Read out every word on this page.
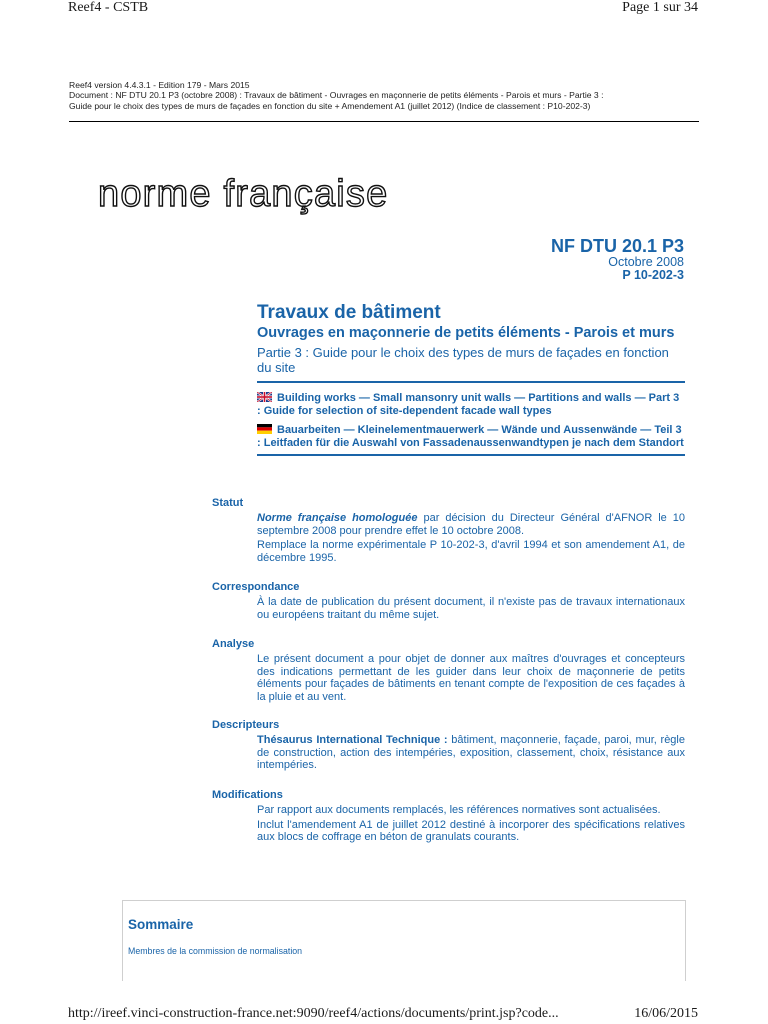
Reef4 - CSTB	Page 1 sur 34
Reef4 version 4.4.3.1 - Edition 179 - Mars 2015
Document : NF DTU 20.1 P3 (octobre 2008) : Travaux de bâtiment - Ouvrages en maçonnerie de petits éléments - Parois et murs - Partie 3 :
Guide pour le choix des types de murs de façades en fonction du site + Amendement A1 (juillet 2012) (Indice de classement : P10-202-3)
norme française
NF DTU 20.1 P3
Octobre 2008
P 10-202-3
Travaux de bâtiment
Ouvrages en maçonnerie de petits éléments - Parois et murs
Partie 3 : Guide pour le choix des types de murs de façades en fonction du site
Building works — Small mansonry unit walls — Partitions and walls — Part 3 : Guide for selection of site-dependent facade wall types
Bauarbeiten — Kleinelementmauerwerk — Wände und Aussenwände — Teil 3 : Leitfaden für die Auswahl von Fassadenaussenwandtypen je nach dem Standort
Statut

Norme française homologuée par décision du Directeur Général d'AFNOR le 10 septembre 2008 pour prendre effet le 10 octobre 2008.

Remplace la norme expérimentale P 10-202-3, d'avril 1994 et son amendement A1, de décembre 1995.

Correspondance

À la date de publication du présent document, il n'existe pas de travaux internationaux ou européens traitant du même sujet.

Analyse

Le présent document a pour objet de donner aux maîtres d'ouvrages et concepteurs des indications permettant de les guider dans leur choix de maçonnerie de petits éléments pour façades de bâtiments en tenant compte de l'exposition de ces façades à la pluie et au vent.

Descripteurs

Thésaurus International Technique : bâtiment, maçonnerie, façade, paroi, mur, règle de construction, action des intempéries, exposition, classement, choix, résistance aux intempéries.

Modifications

Par rapport aux documents remplacés, les références normatives sont actualisées.

Inclut l'amendement A1 de juillet 2012 destiné à incorporer des spécifications relatives aux blocs de coffrage en béton de granulats courants.

Sommaire
Membres de la commission de normalisation
http://ireef.vinci-construction-france.net:9090/reef4/actions/documents/print.jsp?code...	16/06/2015
